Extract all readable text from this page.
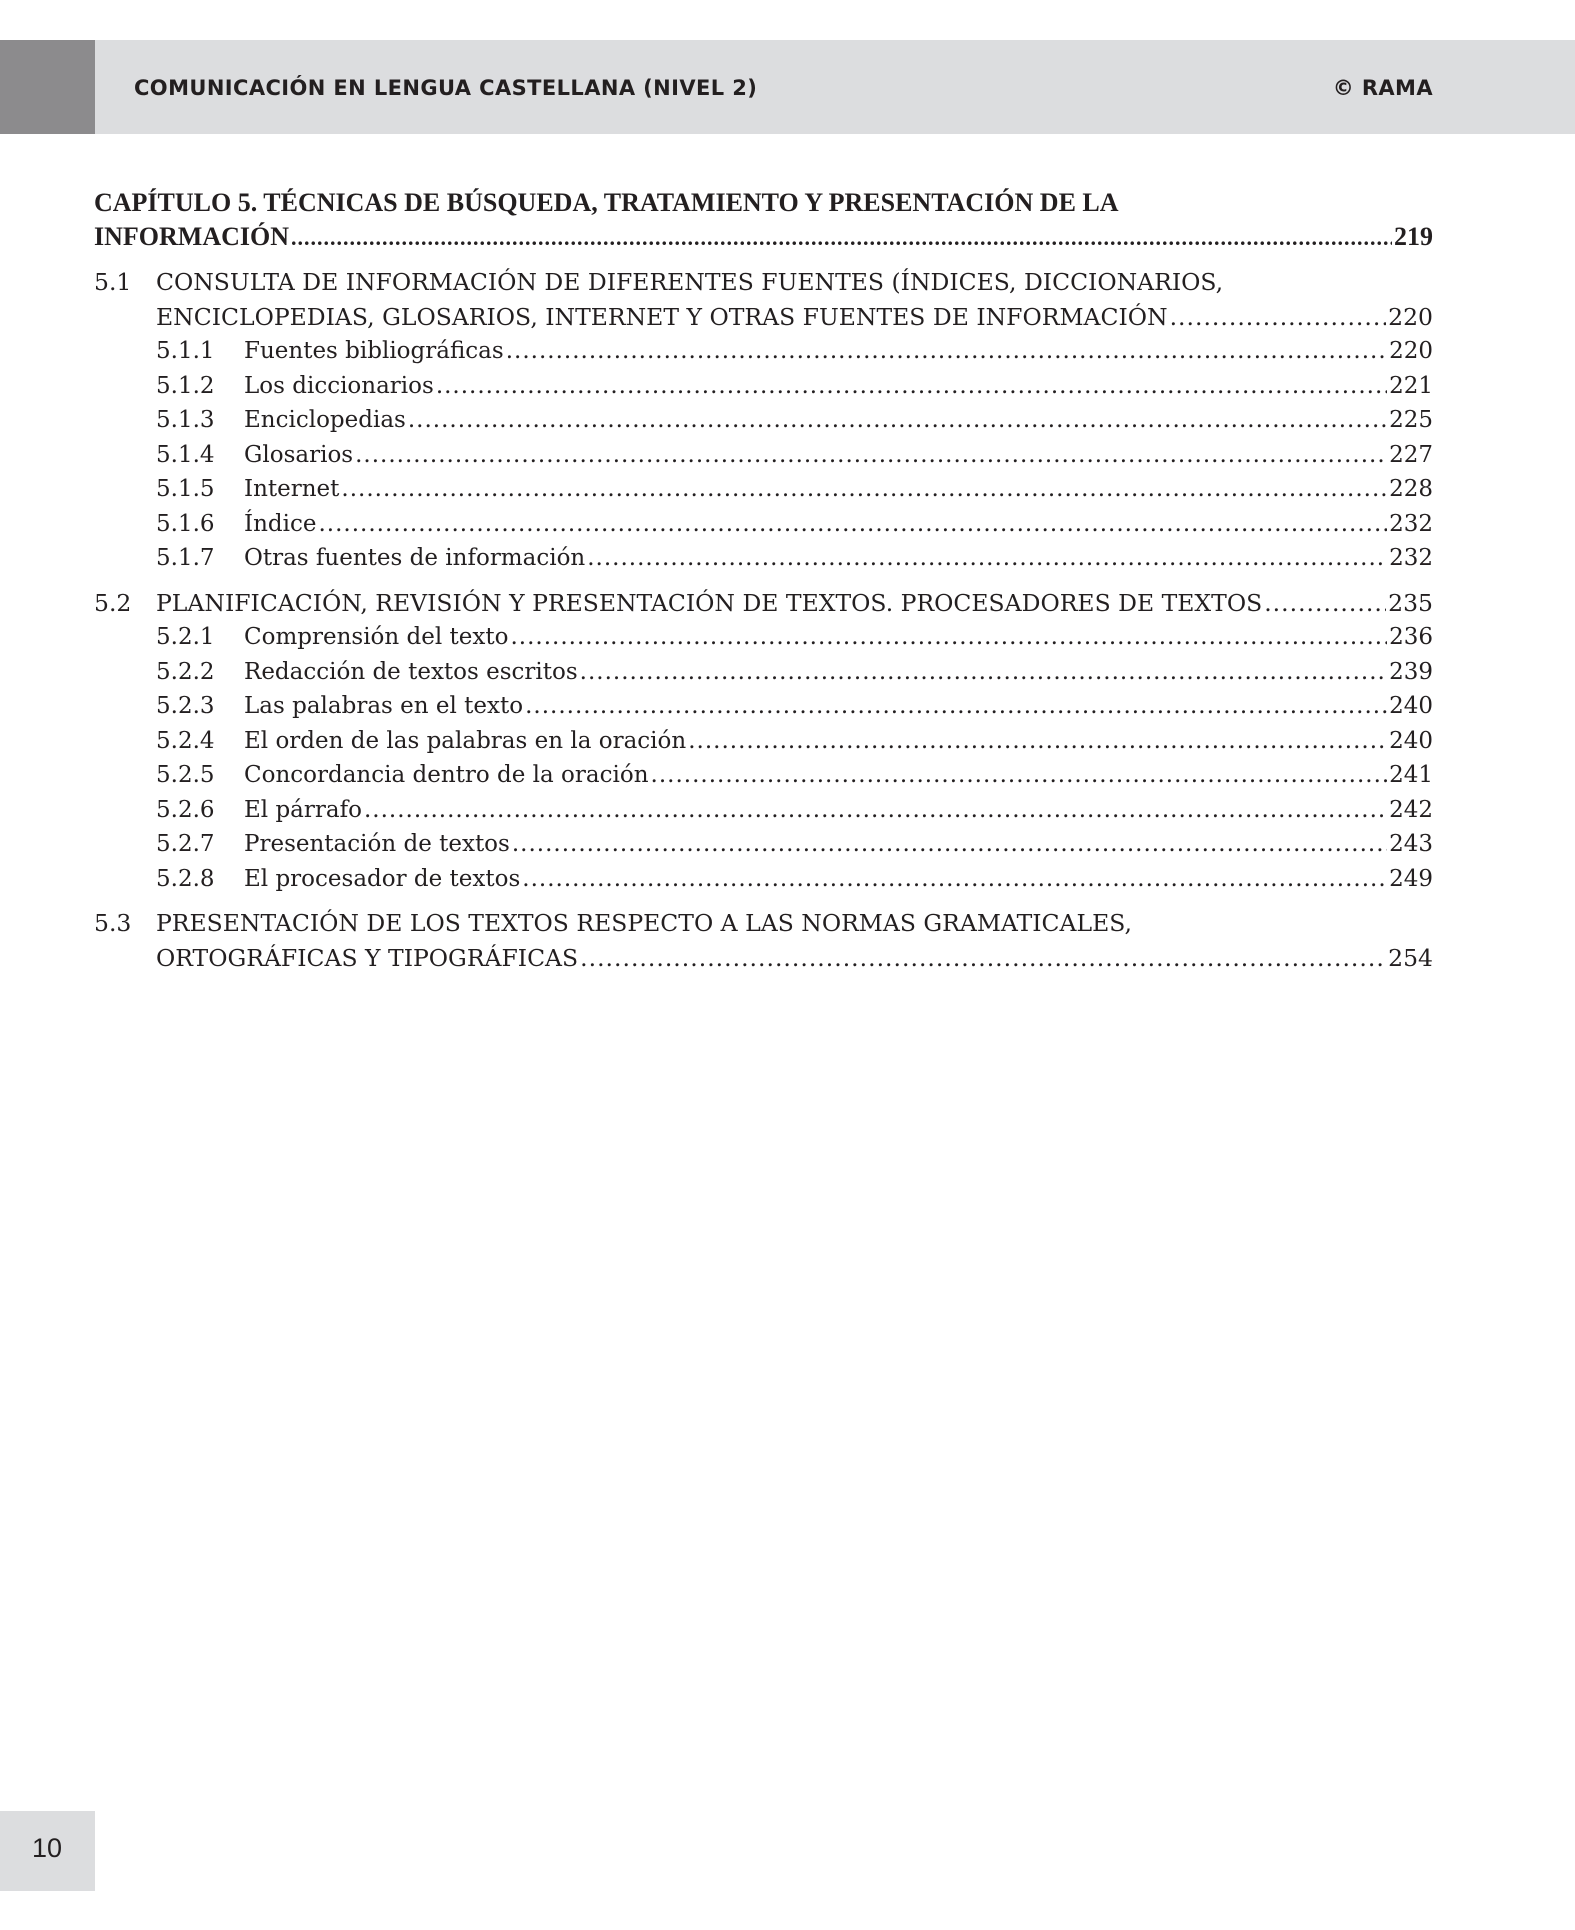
COMUNICACIÓN EN LENGUA CASTELLANA (NIVEL 2)	© RAMA
CAPÍTULO 5. TÉCNICAS DE BÚSQUEDA, TRATAMIENTO Y PRESENTACIÓN DE LA
INFORMACIÓN .....	219
5.1	CONSULTA DE INFORMACIÓN DE DIFERENTES FUENTES (ÍNDICES, DICCIONARIOS,
ENCICLOPEDIAS, GLOSARIOS, INTERNET Y OTRAS FUENTES DE INFORMACIÓN .....	220
5.1.1	Fuentes bibliográficas .....	220
5.1.2	Los diccionarios .....	221
5.1.3	Enciclopedias .....	225
5.1.4	Glosarios .....	227
5.1.5	Internet .....	228
5.1.6	Índice .....	232
5.1.7	Otras fuentes de información .....	232
5.2	PLANIFICACIÓN, REVISIÓN Y PRESENTACIÓN DE TEXTOS. PROCESADORES DE TEXTOS .....	235
5.2.1	Comprensión del texto .....	236
5.2.2	Redacción de textos escritos .....	239
5.2.3	Las palabras en el texto .....	240
5.2.4	El orden de las palabras en la oración .....	240
5.2.5	Concordancia dentro de la oración .....	241
5.2.6	El párrafo .....	242
5.2.7	Presentación de textos .....	243
5.2.8	El procesador de textos .....	249
5.3	PRESENTACIÓN DE LOS TEXTOS RESPECTO A LAS NORMAS GRAMATICALES,
ORTOGRÁFICAS Y TIPOGRÁFICAS .....	254
10
